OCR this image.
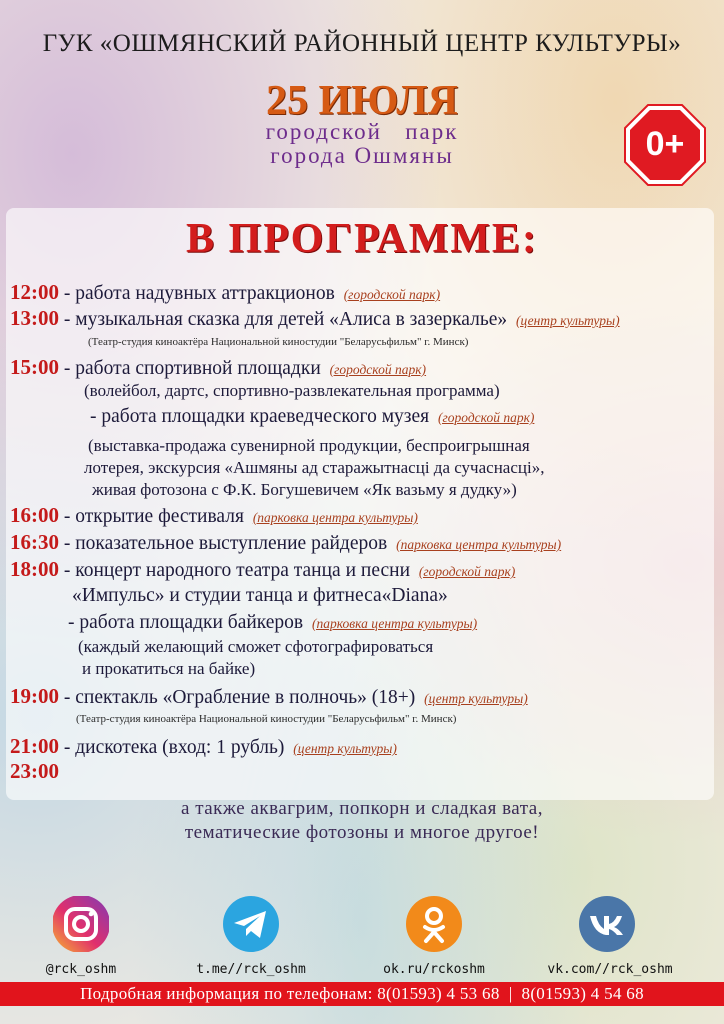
ГУК «ОШМЯНСКИЙ РАЙОННЫЙ ЦЕНТР КУЛЬТУРЫ»
25 ИЮЛЯ
городской   парк
города Ошмяны	0+
В ПРОГРАММЕ:
12:00 - работа надувных аттракционов (городской парк)
13:00 - музыкальная сказка для детей «Алиса в зазеркалье» (центр культуры)
(Театр-студия киноактёра Национальной киностудии "Беларусьфильм" г. Минск)
15:00 - работа спортивной площадки (городской парк)
(волейбол, дартс, спортивно-развлекательная программа)
- работа площадки краеведческого музея (городской парк)
(выставка-продажа сувенирной продукции, беспроигрышная
лотерея, экскурсия «Ашмяны ад старажытнасці да сучаснасці»,
живая фотозона с Ф.К. Богушевичем «Як вазьму я дудку»)
16:00 - открытие фестиваля (парковка центра культуры)
16:30 - показательное выступление райдеров (парковка центра культуры)
18:00 - концерт народного театра танца и песни (городской парк)
«Импульс» и студии танца и фитнеса«Diana»
- работа площадки байкеров (парковка центра культуры)
(каждый желающий сможет сфотографироваться
и прокатиться на байке)
19:00 - спектакль «Ограбление в полночь» (18+) (центр культуры)
(Театр-студия киноактёра Национальной киностудии "Беларусьфильм" г. Минск)
21:00 - дискотека (вход: 1 рубль) (центр культуры)
23:00
а также аквагрим, попкорн и сладкая вата,
тематические фотозоны и многое другое!
@rck_oshm	t.me//rck_oshm	ok.ru/rckoshm	vk.com//rck_oshm
Подробная информация по телефонам: 8(01593) 4 53 68  |  8(01593) 4 54 68
